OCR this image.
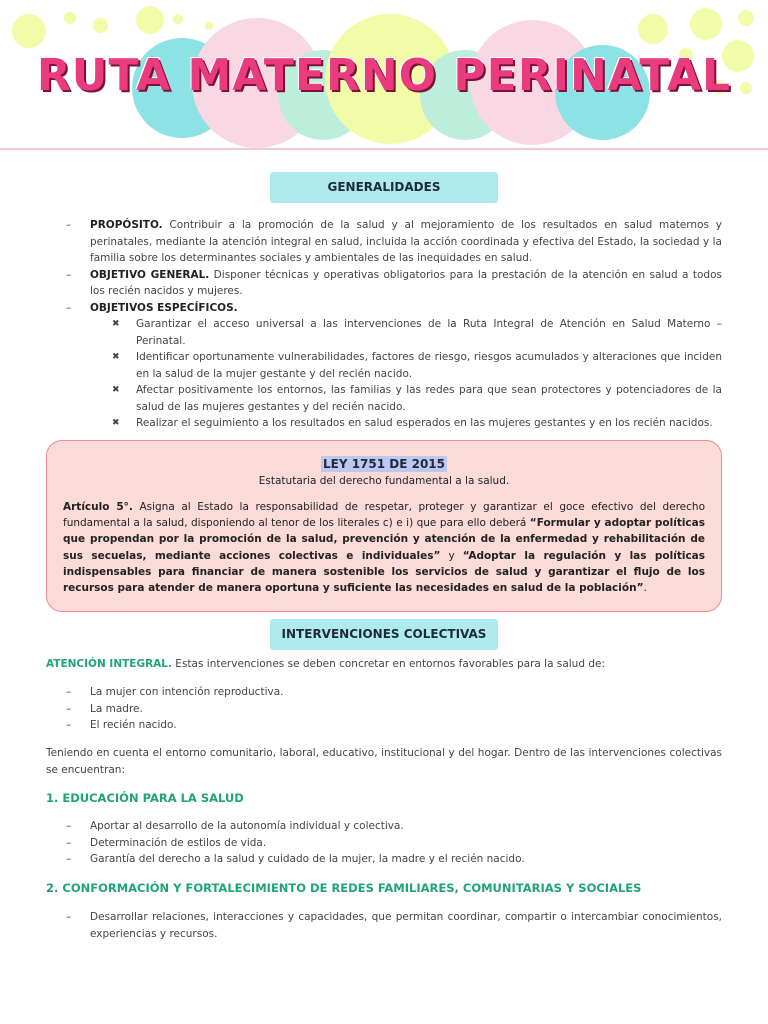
RUTA MATERNO PERINATAL
GENERALIDADES
– PROPÓSITO. Contribuir a la promoción de la salud y al mejoramiento de los resultados en salud maternos y perinatales, mediante la atención integral en salud, incluida la acción coordinada y efectiva del Estado, la sociedad y la familia sobre los determinantes sociales y ambientales de las inequidades en salud.
– OBJETIVO GENERAL. Disponer técnicas y operativas obligatorios para la prestación de la atención en salud a todos los recién nacidos y mujeres.
– OBJETIVOS ESPECÍFICOS.
✖ Garantizar el acceso universal a las intervenciones de la Ruta Integral de Atención en Salud Materno – Perinatal.
✖ Identificar oportunamente vulnerabilidades, factores de riesgo, riesgos acumulados y alteraciones que inciden en la salud de la mujer gestante y del recién nacido.
✖ Afectar positivamente los entornos, las familias y las redes para que sean protectores y potenciadores de la salud de las mujeres gestantes y del recién nacido.
✖ Realizar el seguimiento a los resultados en salud esperados en las mujeres gestantes y en los recién nacidos.
LEY 1751 DE 2015
Estatutaria del derecho fundamental a la salud.
Artículo 5°. Asigna al Estado la responsabilidad de respetar, proteger y garantizar el goce efectivo del derecho fundamental a la salud, disponiendo al tenor de los literales c) e i) que para ello deberá “Formular y adoptar políticas que propendan por la promoción de la salud, prevención y atención de la enfermedad y rehabilitación de sus secuelas, mediante acciones colectivas e individuales” y “Adoptar la regulación y las políticas indispensables para financiar de manera sostenible los servicios de salud y garantizar el flujo de los recursos para atender de manera oportuna y suficiente las necesidades en salud de la población”.
INTERVENCIONES COLECTIVAS
ATENCIÓN INTEGRAL. Estas intervenciones se deben concretar en entornos favorables para la salud de:
– La mujer con intención reproductiva.
– La madre.
– El recién nacido.
Teniendo en cuenta el entorno comunitario, laboral, educativo, institucional y del hogar. Dentro de las intervenciones colectivas se encuentran:
1. EDUCACIÓN PARA LA SALUD
– Aportar al desarrollo de la autonomía individual y colectiva.
– Determinación de estilos de vida.
– Garantía del derecho a la salud y cuidado de la mujer, la madre y el recién nacido.
2. CONFORMACIÓN Y FORTALECIMIENTO DE REDES FAMILIARES, COMUNITARIAS Y SOCIALES
– Desarrollar relaciones, interacciones y capacidades, que permitan coordinar, compartir o intercambiar conocimientos, experiencias y recursos.
